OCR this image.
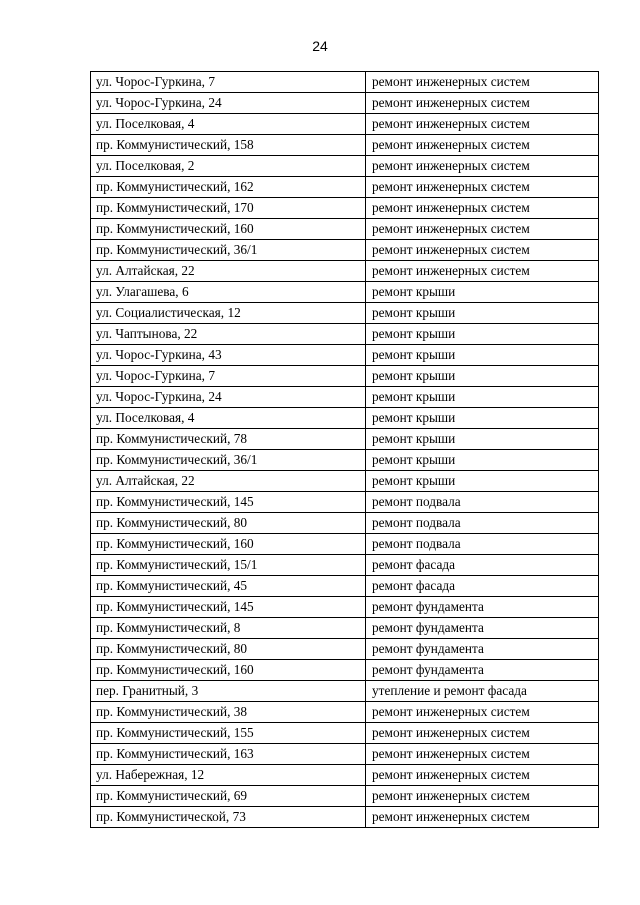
24
ул. Чорос-Гуркина, 7	ремонт инженерных систем
ул. Чорос-Гуркина, 24	ремонт инженерных систем
ул. Поселковая, 4	ремонт инженерных систем
пр. Коммунистический, 158	ремонт инженерных систем
ул. Поселковая, 2	ремонт инженерных систем
пр. Коммунистический, 162	ремонт инженерных систем
пр. Коммунистический, 170	ремонт инженерных систем
пр. Коммунистический, 160	ремонт инженерных систем
пр. Коммунистический, 36/1	ремонт инженерных систем
ул. Алтайская, 22	ремонт инженерных систем
ул. Улагашева, 6	ремонт крыши
ул. Социалистическая, 12	ремонт крыши
ул. Чаптынова, 22	ремонт крыши
ул. Чорос-Гуркина, 43	ремонт крыши
ул. Чорос-Гуркина, 7	ремонт крыши
ул. Чорос-Гуркина, 24	ремонт крыши
ул. Поселковая, 4	ремонт крыши
пр. Коммунистический, 78	ремонт крыши
пр. Коммунистический, 36/1	ремонт крыши
ул. Алтайская, 22	ремонт крыши
пр. Коммунистический, 145	ремонт подвала
пр. Коммунистический, 80	ремонт подвала
пр. Коммунистический, 160	ремонт подвала
пр. Коммунистический, 15/1	ремонт фасада
пр. Коммунистический, 45	ремонт фасада
пр. Коммунистический, 145	ремонт фундамента
пр. Коммунистический, 8	ремонт фундамента
пр. Коммунистический, 80	ремонт фундамента
пр. Коммунистический, 160	ремонт фундамента
пер. Гранитный, 3	утепление и ремонт фасада
пр. Коммунистический, 38	ремонт инженерных систем
пр. Коммунистический, 155	ремонт инженерных систем
пр. Коммунистический, 163	ремонт инженерных систем
ул. Набережная, 12	ремонт инженерных систем
пр. Коммунистический, 69	ремонт инженерных систем
пр. Коммунистической, 73	ремонт инженерных систем
